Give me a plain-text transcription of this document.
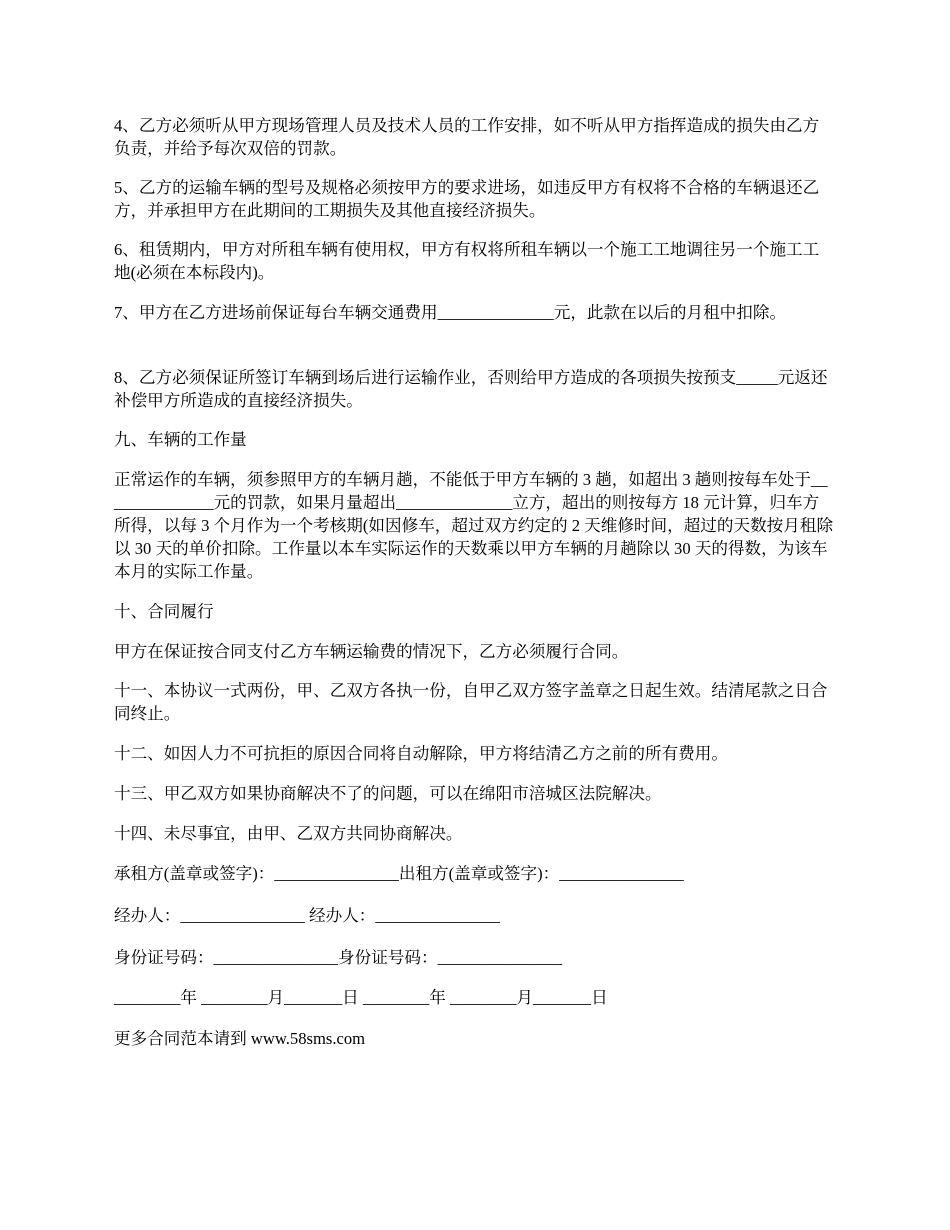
4、乙方必须听从甲方现场管理人员及技术人员的工作安排，如不听从甲方指挥造成的损失由乙方负责，并给予每次双倍的罚款。

5、乙方的运输车辆的型号及规格必须按甲方的要求进场，如违反甲方有权将不合格的车辆退还乙方，并承担甲方在此期间的工期损失及其他直接经济损失。

6、租赁期内，甲方对所租车辆有使用权，甲方有权将所租车辆以一个施工工地调往另一个施工工地(必须在本标段内)。

7、甲方在乙方进场前保证每台车辆交通费用______________元，此款在以后的月租中扣除。

8、乙方必须保证所签订车辆到场后进行运输作业，否则给甲方造成的各项损失按预支_____元返还补偿甲方所造成的直接经济损失。

九、车辆的工作量

正常运作的车辆，须参照甲方的车辆月趟，不能低于甲方车辆的 3 趟，如超出 3 趟则按每车处于______________元的罚款，如果月量超出______________立方，超出的则按每方 18 元计算，归车方所得，以每 3 个月作为一个考核期(如因修车，超过双方约定的 2 天维修时间，超过的天数按月租除以 30 天的单价扣除。工作量以本车实际运作的天数乘以甲方车辆的月趟除以 30 天的得数，为该车本月的实际工作量。

十、合同履行

甲方在保证按合同支付乙方车辆运输费的情况下，乙方必须履行合同。

十一、本协议一式两份，甲、乙双方各执一份，自甲乙双方签字盖章之日起生效。结清尾款之日合同终止。

十二、如因人力不可抗拒的原因合同将自动解除，甲方将结清乙方之前的所有费用。

十三、甲乙双方如果协商解决不了的问题，可以在绵阳市涪城区法院解决。

十四、未尽事宜，由甲、乙双方共同协商解决。

承租方(盖章或签字)：_______________出租方(盖章或签字)：_______________

经办人：_______________ 经办人：_______________

身份证号码：_______________身份证号码：_______________

________年 ________月_______日 ________年 ________月_______日

更多合同范本请到 www.58sms.com
